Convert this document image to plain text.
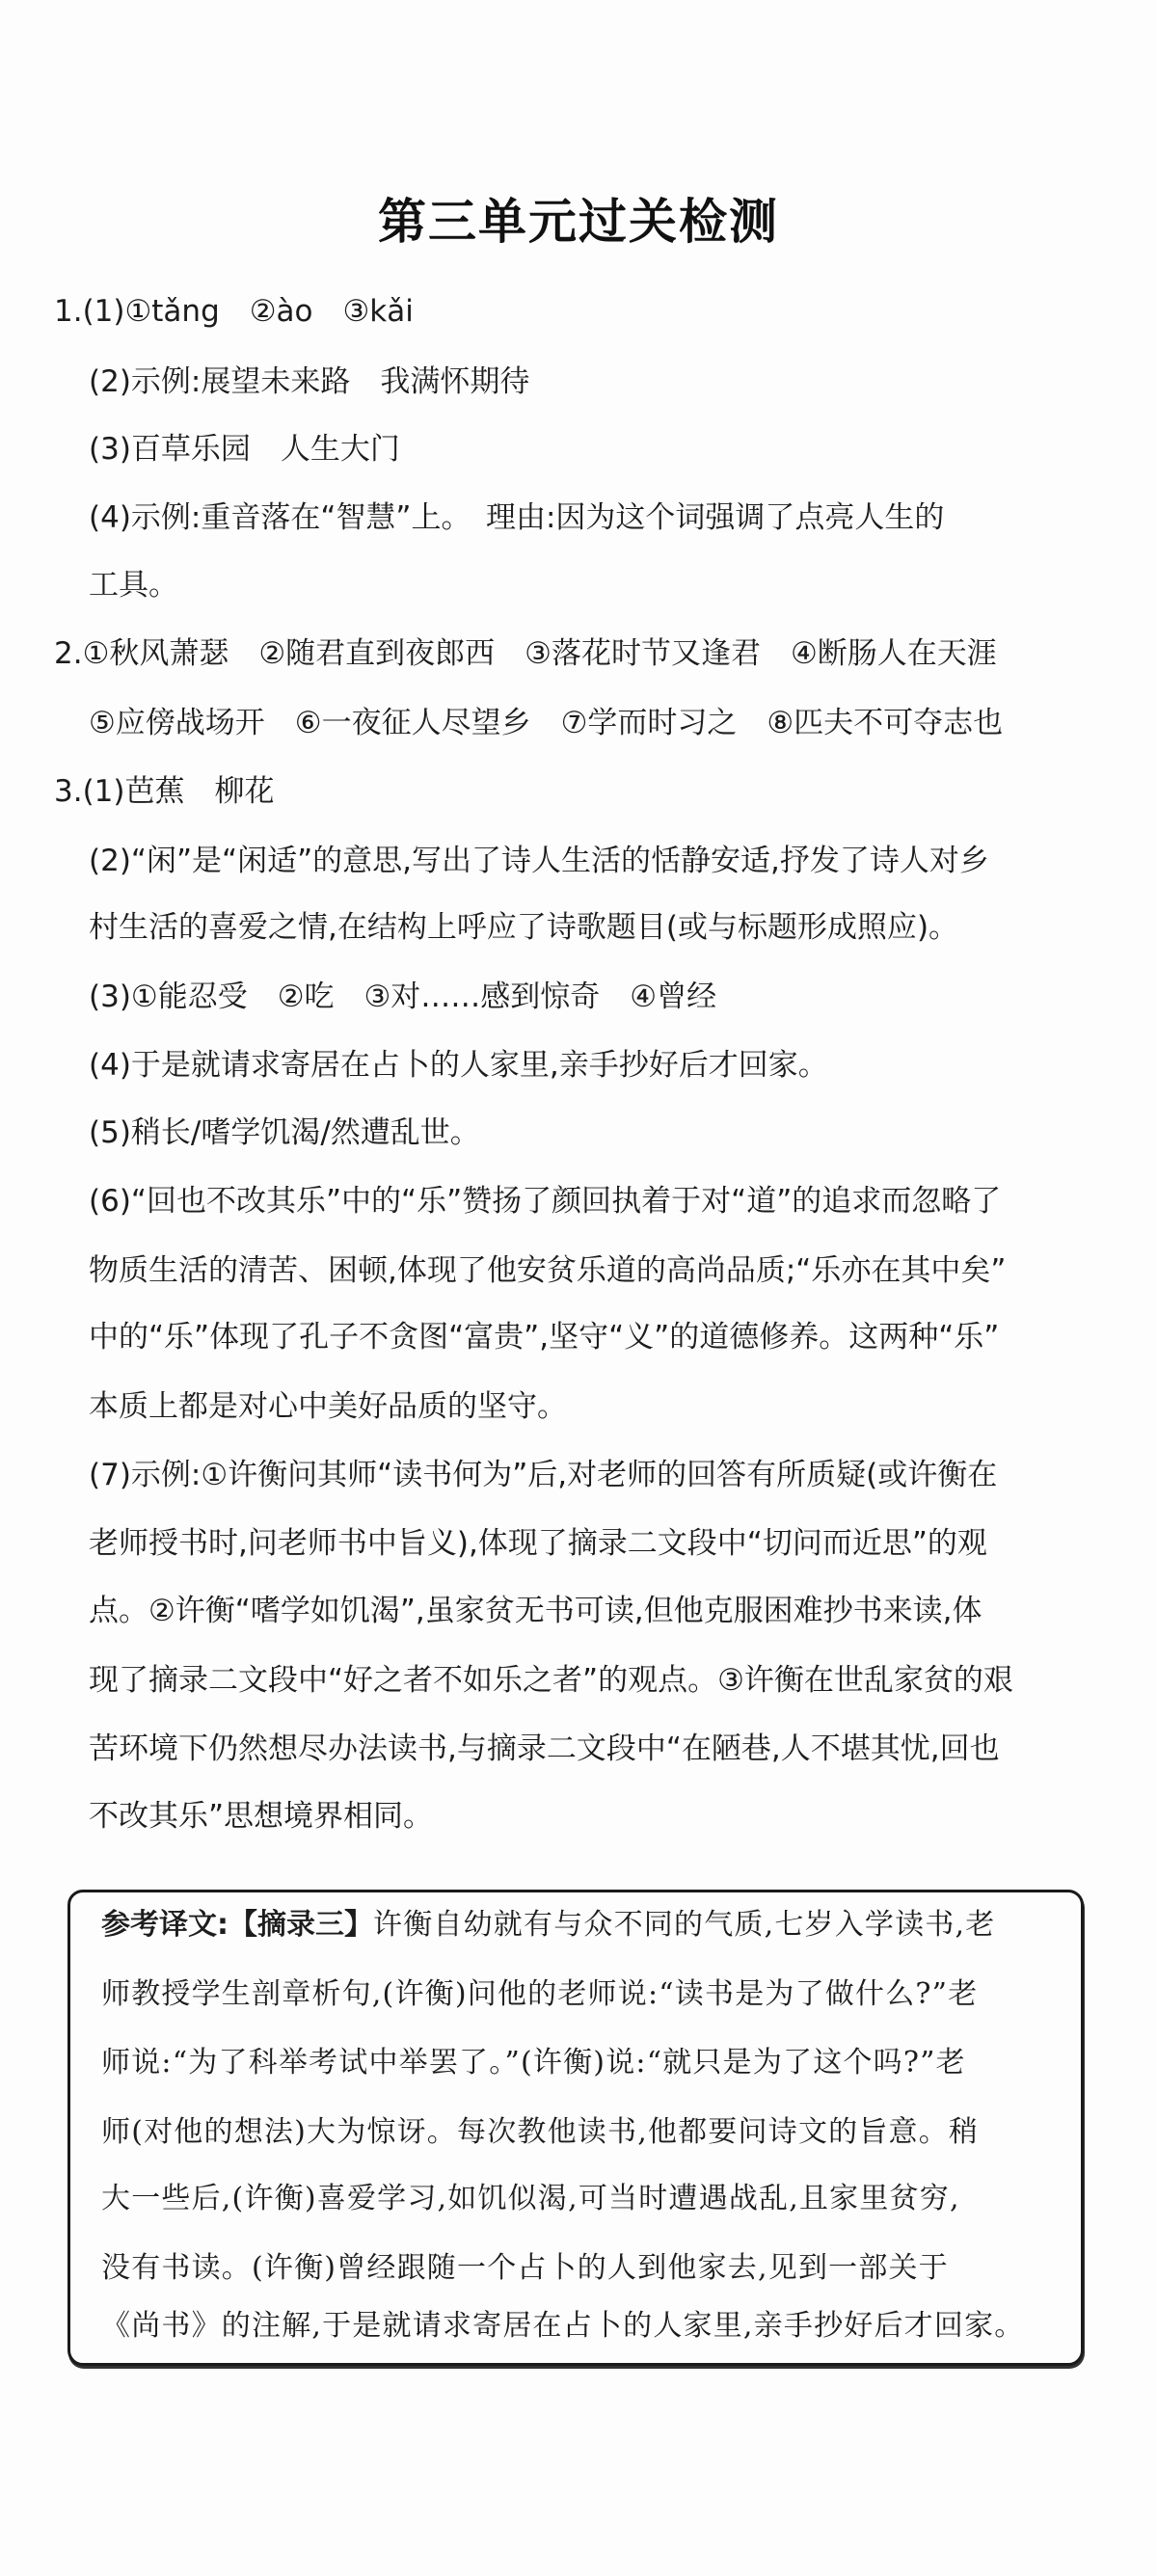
第三单元过关检测
1.(1)①tǎng　②ào　③kǎi
(2)示例:展望未来路　我满怀期待
(3)百草乐园　人生大门
(4)示例:重音落在“智慧”上。　理由:因为这个词强调了点亮人生的
工具。
2.①秋风萧瑟　②随君直到夜郎西　③落花时节又逢君　④断肠人在天涯
⑤应傍战场开　⑥一夜征人尽望乡　⑦学而时习之　⑧匹夫不可夺志也
3.(1)芭蕉　柳花
(2)“闲”是“闲适”的意思,写出了诗人生活的恬静安适,抒发了诗人对乡
村生活的喜爱之情,在结构上呼应了诗歌题目(或与标题形成照应)。
(3)①能忍受　②吃　③对……感到惊奇　④曾经
(4)于是就请求寄居在占卜的人家里,亲手抄好后才回家。
(5)稍长/嗜学饥渴/然遭乱世。
(6)“回也不改其乐”中的“乐”赞扬了颜回执着于对“道”的追求而忽略了
物质生活的清苦、困顿,体现了他安贫乐道的高尚品质;“乐亦在其中矣”
中的“乐”体现了孔子不贪图“富贵”,坚守“义”的道德修养。这两种“乐”
本质上都是对心中美好品质的坚守。
(7)示例:①许衡问其师“读书何为”后,对老师的回答有所质疑(或许衡在
老师授书时,问老师书中旨义),体现了摘录二文段中“切问而近思”的观
点。②许衡“嗜学如饥渴”,虽家贫无书可读,但他克服困难抄书来读,体
现了摘录二文段中“好之者不如乐之者”的观点。③许衡在世乱家贫的艰
苦环境下仍然想尽办法读书,与摘录二文段中“在陋巷,人不堪其忧,回也
不改其乐”思想境界相同。
参考译文:【摘录三】许衡自幼就有与众不同的气质,七岁入学读书,老
师教授学生剖章析句,(许衡)问他的老师说:“读书是为了做什么?”老
师说:“为了科举考试中举罢了。”(许衡)说:“就只是为了这个吗?”老
师(对他的想法)大为惊讶。每次教他读书,他都要问诗文的旨意。稍
大一些后,(许衡)喜爱学习,如饥似渴,可当时遭遇战乱,且家里贫穷,
没有书读。(许衡)曾经跟随一个占卜的人到他家去,见到一部关于
《尚书》的注解,于是就请求寄居在占卜的人家里,亲手抄好后才回家。
